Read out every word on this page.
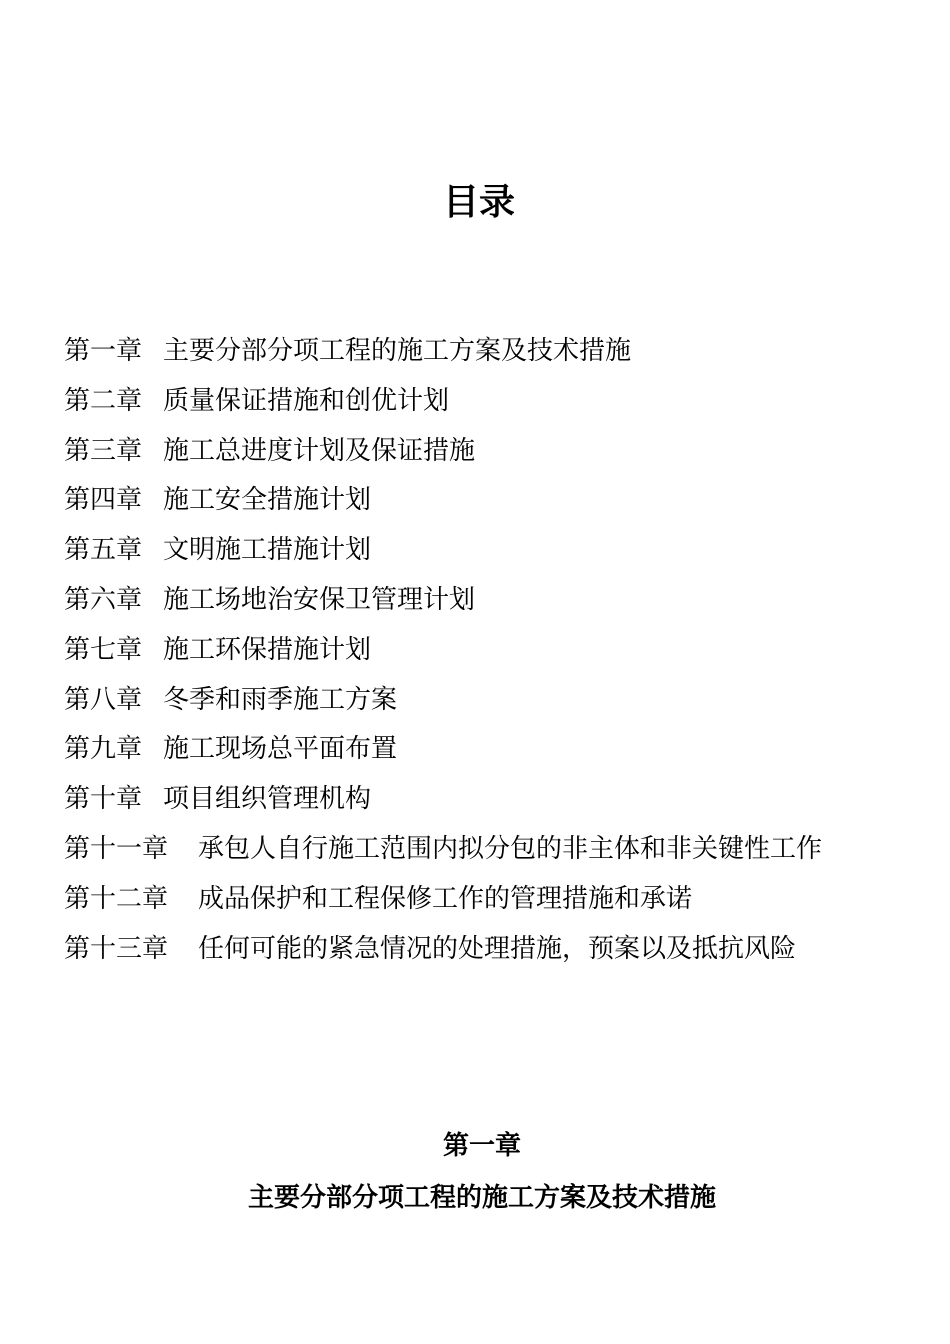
目录
第一章 主要分部分项工程的施工方案及技术措施
第二章 质量保证措施和创优计划
第三章 施工总进度计划及保证措施
第四章 施工安全措施计划
第五章 文明施工措施计划
第六章 施工场地治安保卫管理计划
第七章 施工环保措施计划
第八章 冬季和雨季施工方案
第九章 施工现场总平面布置
第十章 项目组织管理机构
第十一章 承包人自行施工范围内拟分包的非主体和非关键性工作
第十二章 成品保护和工程保修工作的管理措施和承诺
第十三章 任何可能的紧急情况的处理措施，预案以及抵抗风险
第一章
主要分部分项工程的施工方案及技术措施
